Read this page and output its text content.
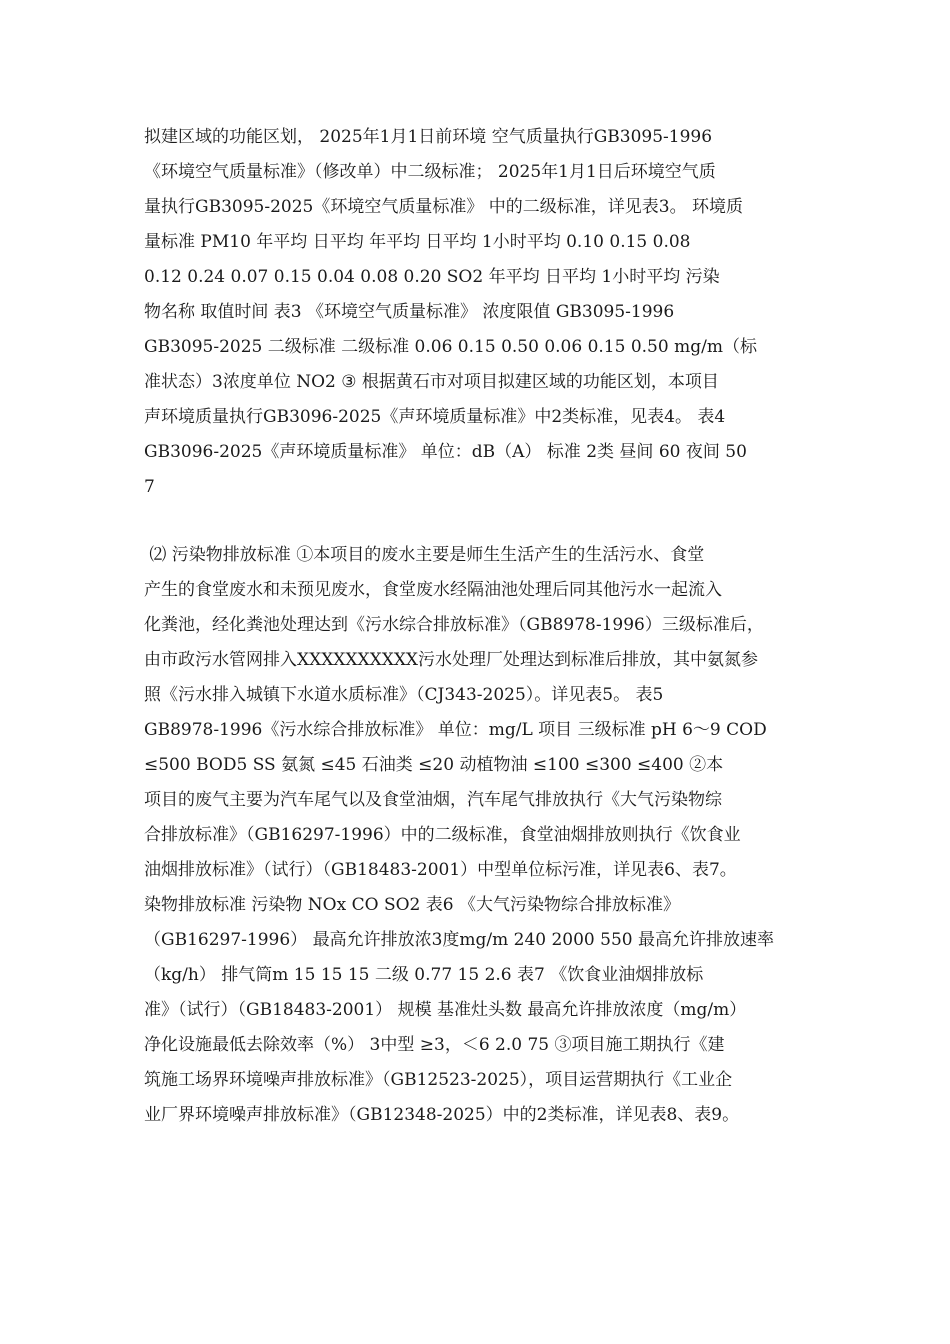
拟建区域的功能区划， 2025年1月1日前环境 空气质量执行GB3095-1996
《环境空气质量标准》（修改单）中二级标准； 2025年1月1日后环境空气质
量执行GB3095-2025《环境空气质量标准》 中的二级标准，详见表3。 环境质
量标准 PM10 年平均 日平均 年平均 日平均 1小时平均 0.10 0.15 0.08
0.12 0.24 0.07 0.15 0.04 0.08 0.20 SO2 年平均 日平均 1小时平均 污染
物名称 取值时间 表3 《环境空气质量标准》 浓度限值 GB3095-1996
GB3095-2025 二级标准 二级标准 0.06 0.15 0.50 0.06 0.15 0.50 mg/m（标
准状态）3浓度单位 NO2 ③ 根据黄石市对项目拟建区域的功能区划，本项目
声环境质量执行GB3096-2025《声环境质量标准》中2类标准，见表4。 表4
GB3096-2025《声环境质量标准》 单位：dB（A） 标准 2类 昼间 60 夜间 50
7
⑵ 污染物排放标准 ①本项目的废水主要是师生生活产生的生活污水、食堂
产生的食堂废水和未预见废水，食堂废水经隔油池处理后同其他污水一起流入
化粪池，经化粪池处理达到《污水综合排放标准》（GB8978-1996）三级标准后，
由市政污水管网排入XXXXXXXXXX污水处理厂处理达到标准后排放，其中氨氮参
照《污水排入城镇下水道水质标准》（CJ343-2025）。详见表5。 表5
GB8978-1996《污水综合排放标准》 单位：mg/L 项目 三级标准 pH 6～9 COD
≤500 BOD5 SS 氨氮 ≤45 石油类 ≤20 动植物油 ≤100 ≤300 ≤400 ②本
项目的废气主要为汽车尾气以及食堂油烟，汽车尾气排放执行《大气污染物综
合排放标准》（GB16297-1996）中的二级标准，食堂油烟排放则执行《饮食业
油烟排放标准》（试行）（GB18483-2001）中型单位标污准，详见表6、表7。
染物排放标准 污染物 NOx CO SO2 表6 《大气污染物综合排放标准》
（GB16297-1996） 最高允许排放浓3度mg/m 240 2000 550 最高允许排放速率
（kg/h） 排气筒m 15 15 15 二级 0.77 15 2.6 表7 《饮食业油烟排放标
准》（试行）（GB18483-2001） 规模 基准灶头数 最高允许排放浓度（mg/m）
净化设施最低去除效率（%） 3中型 ≥3，＜6 2.0 75 ③项目施工期执行《建
筑施工场界环境噪声排放标准》（GB12523-2025），项目运营期执行《工业企
业厂界环境噪声排放标准》（GB12348-2025）中的2类标准，详见表8、表9。
